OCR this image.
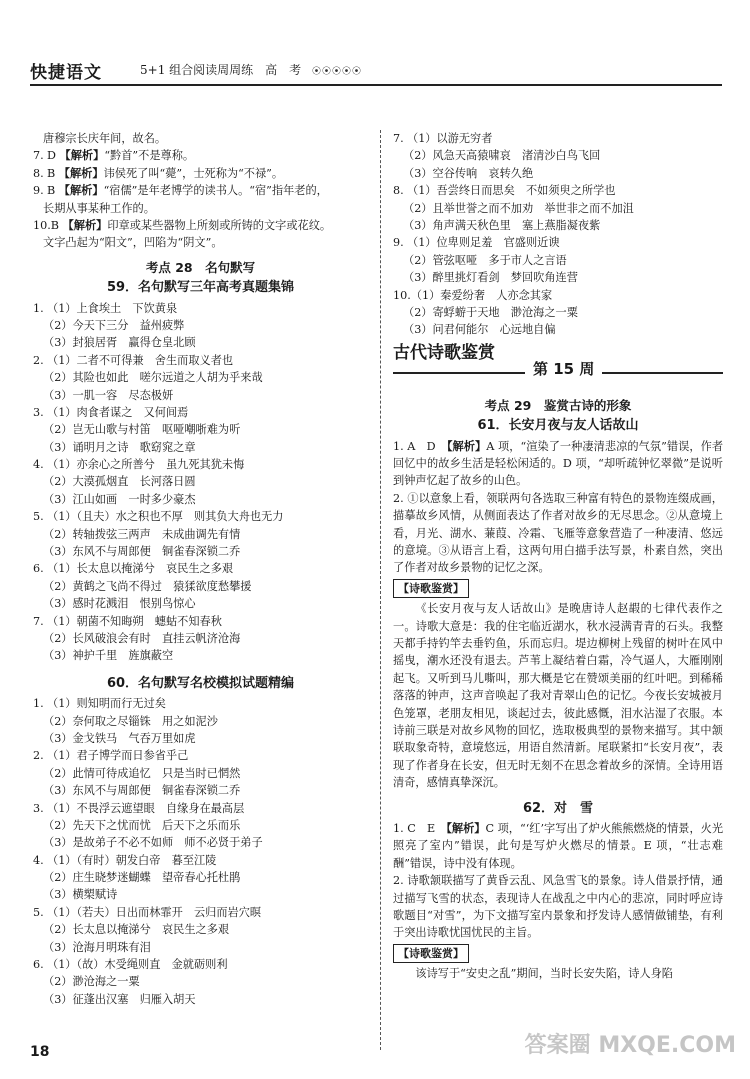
快捷语文	5+1 组合阅读周周练　高　考 ⦿⦿⦿⦿⦿
唐穆宗长庆年间，故名。
7. D 【解析】“黔首”不是尊称。
8. B 【解析】讳侯死了叫“薨”，士死称为“不禄”。
9. B 【解析】“宿儒”是年老博学的读书人。“宿”指年老的，
长期从事某种工作的。
10.B 【解析】印章或某些器物上所刻或所铸的文字或花纹。
文字凸起为“阳文”，凹陷为“阴文”。
考点 28　名句默写
59．名句默写三年高考真题集锦
1. （1）上食埃土　下饮黄泉
（2）今天下三分　益州疲弊
（3）封狼居胥　赢得仓皇北顾
2. （1）二者不可得兼　舍生而取义者也
（2）其险也如此　嗟尔远道之人胡为乎来哉
（3）一肌一容　尽态极妍
3. （1）肉食者谋之　又何间焉
（2）岂无山歌与村笛　呕哑嘲哳难为听
（3）诵明月之诗　歌窈窕之章
4. （1）亦余心之所善兮　虽九死其犹未悔
（2）大漠孤烟直　长河落日圆
（3）江山如画　一时多少豪杰
5. （1）（且夫）水之积也不厚　则其负大舟也无力
（2）转轴拨弦三两声　未成曲调先有情
（3）东风不与周郎便　铜雀春深锁二乔
6. （1）长太息以掩涕兮　哀民生之多艰
（2）黄鹤之飞尚不得过　猿猱欲度愁攀援
（3）感时花溅泪　恨别鸟惊心
7. （1）朝菌不知晦朔　蟪蛄不知春秋
（2）长风破浪会有时　直挂云帆济沧海
（3）神护千里　旌旗蔽空
60．名句默写名校模拟试题精编
1. （1）则知明而行无过矣
（2）奈何取之尽锱铢　用之如泥沙
（3）金戈铁马　气吞万里如虎
2. （1）君子博学而日参省乎己
（2）此情可待成追忆　只是当时已惘然
（3）东风不与周郎便　铜雀春深锁二乔
3. （1）不畏浮云遮望眼　自缘身在最高层
（2）先天下之忧而忧　后天下之乐而乐
（3）是故弟子不必不如师　师不必贤于弟子
4. （1）（有时）朝发白帝　暮至江陵
（2）庄生晓梦迷蝴蝶　望帝春心托杜鹃
（3）横槊赋诗
5. （1）（若夫）日出而林霏开　云归而岩穴暝
（2）长太息以掩涕兮　哀民生之多艰
（3）沧海月明珠有泪
6. （1）（故）木受绳则直　金就砺则利
（2）渺沧海之一粟
（3）征蓬出汉塞　归雁入胡天
7. （1）以游无穷者
（2）风急天高猿啸哀　渚清沙白鸟飞回
（3）空谷传响　哀转久绝
8. （1）吾尝终日而思矣　不如须臾之所学也
（2）且举世誉之而不加劝　举世非之而不加沮
（3）角声满天秋色里　塞上燕脂凝夜紫
9. （1）位卑则足羞　官盛则近谀
（2）管弦呕哑　多于市人之言语
（3）醉里挑灯看剑　梦回吹角连营
10.（1）秦爱纷奢　人亦念其家
（2）寄蜉蝣于天地　渺沧海之一粟
（3）问君何能尔　心远地自偏
古代诗歌鉴赏
第 15 周
考点 29　鉴赏古诗的形象
61．长安月夜与友人话故山
1. A　D　【解析】A 项，“渲染了一种凄清悲凉的气氛”错误，作者回忆中的故乡生活是轻松闲适的。D 项，“却听疏钟忆翠微”是说听到钟声忆起了故乡的山色。
2. ①以意象上看，领联两句各选取三种富有特色的景物连缀成画，描摹故乡风情，从侧面表达了作者对故乡的无尽思念。②从意境上看，月光、湖水、蒹葭、冷霜、飞雁等意象营造了一种凄清、悠远的意境。③从语言上看，这两句用白描手法写景，朴素自然，突出了作者对故乡景物的记忆之深。
【诗歌鉴赏】
《长安月夜与友人话故山》是晚唐诗人赵嘏的七律代表作之一。诗歌大意是：我的住宅临近湖水，秋水浸满青青的石头。我整天都手持钓竿去垂钓鱼，乐而忘归。堤边柳树上残留的树叶在风中摇曳，潮水还没有退去。芦苇上凝结着白霜，冷气逼人，大雁刚刚起飞。又听到马儿嘶叫，那大概是它在赞颂美丽的红叶吧。到稀稀落落的钟声，这声音唤起了我对青翠山色的记忆。今夜长安城被月色笼罩，老朋友相见，谈起过去，彼此感慨，泪水沾湿了衣服。本诗前三联是对故乡风物的回忆，选取极典型的景物来描写。其中颔联取象奇特，意境悠远，用语自然清新。尾联紧扣“长安月夜”，表现了作者身在长安，但无时无刻不在思念着故乡的深情。全诗用语清奇，感情真挚深沉。
62．对　雪
1. C　E　【解析】C 项，“‘红’字写出了炉火熊熊燃烧的情景，火光照亮了室内”错误，此句是写炉火燃尽的情景。E 项，“壮志难酬”错误，诗中没有体现。
2. 诗歌颔联描写了黄昏云乱、风急雪飞的景象。诗人借景抒情，通过描写飞雪的状态，表现诗人在战乱之中内心的悲凉，同时呼应诗歌题目“对雪”，为下文描写室内景象和抒发诗人感情做铺垫，有利于突出诗歌忧国忧民的主旨。
【诗歌鉴赏】
该诗写于“安史之乱”期间，当时长安失陷，诗人身陷
18	答案圈 MXQE.COM
